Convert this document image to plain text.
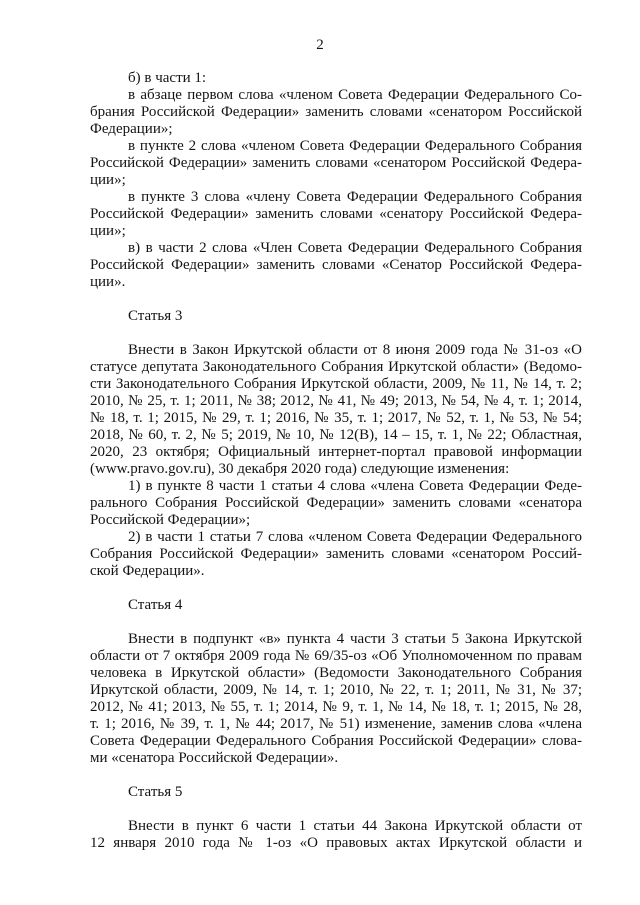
2
б) в части 1:
в абзаце первом слова «членом Совета Федерации Федерального Со-
брания Российской Федерации» заменить словами «сенатором Российской
Федерации»;
в пункте 2 слова «членом Совета Федерации Федерального Собрания
Российской Федерации» заменить словами «сенатором Российской Федера-
ции»;
в пункте 3 слова «члену Совета Федерации Федерального Собрания
Российской Федерации» заменить словами «сенатору Российской Федера-
ции»;
в) в части 2 слова «Член Совета Федерации Федерального Собрания
Российской Федерации» заменить словами «Сенатор Российской Федера-
ции».
Статья 3
Внести в Закон Иркутской области от 8 июня 2009 года № 31-оз «О
статусе депутата Законодательного Собрания Иркутской области» (Ведомо-
сти Законодательного Собрания Иркутской области, 2009, № 11, № 14, т. 2;
2010, № 25, т. 1; 2011, № 38; 2012, № 41, № 49; 2013, № 54, № 4, т. 1; 2014,
№ 18, т. 1; 2015, № 29, т. 1; 2016, № 35, т. 1; 2017, № 52, т. 1, № 53, № 54;
2018, № 60, т. 2, № 5; 2019, № 10, № 12(В), 14 – 15, т. 1, № 22; Областная,
2020, 23 октября; Официальный интернет-портал правовой информации
(www.pravo.gov.ru), 30 декабря 2020 года) следующие изменения:
1) в пункте 8 части 1 статьи 4 слова «члена Совета Федерации Феде-
рального Собрания Российской Федерации» заменить словами «сенатора
Российской Федерации»;
2) в части 1 статьи 7 слова «членом Совета Федерации Федерального
Собрания Российской Федерации» заменить словами «сенатором Россий-
ской Федерации».
Статья 4
Внести в подпункт «в» пункта 4 части 3 статьи 5 Закона Иркутской
области от 7 октября 2009 года № 69/35-оз «Об Уполномоченном по правам
человека в Иркутской области» (Ведомости Законодательного Собрания
Иркутской области, 2009, № 14, т. 1; 2010, № 22, т. 1; 2011, № 31, № 37;
2012, № 41; 2013, № 55, т. 1; 2014, № 9, т. 1, № 14, № 18, т. 1; 2015, № 28,
т. 1; 2016, № 39, т. 1, № 44; 2017, № 51) изменение, заменив слова «члена
Совета Федерации Федерального Собрания Российской Федерации» слова-
ми «сенатора Российской Федерации».
Статья 5
Внести в пункт 6 части 1 статьи 44 Закона Иркутской области от
12 января 2010 года № 1-оз «О правовых актах Иркутской области и
